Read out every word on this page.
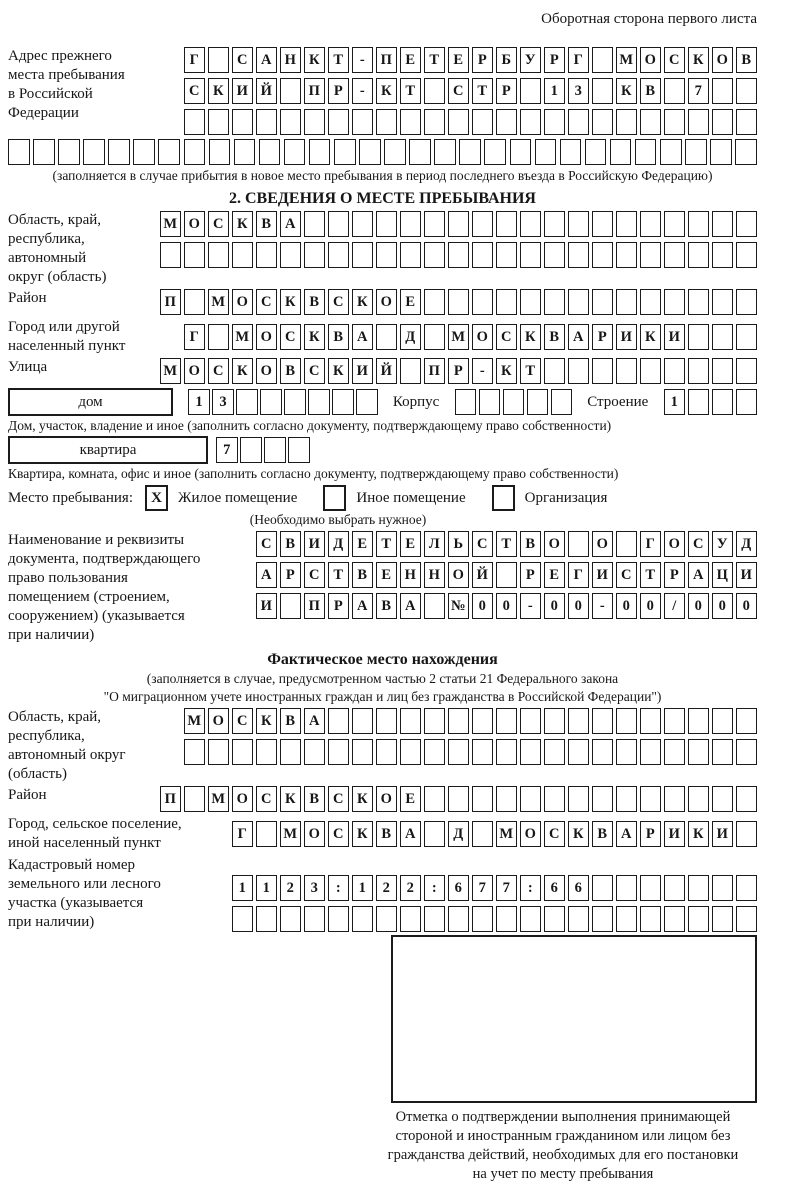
Оборотная сторона первого листа
Адрес прежнего
места пребывания
в Российской
Федерации
Г	С А Н К Т	-	П Е Т Е	Р	Б У Р	Г	М О С К О В
С К И Й	П Р	-	К Т	С Т	Р	1	3	К В	7
(заполняется в случае прибытия в новое место пребывания в период последнего въезда в Российскую Федерацию)
2. СВЕДЕНИЯ О МЕСТЕ ПРЕБЫВАНИЯ
Область, край,
республика,
автономный
округ (область)
М О С К В А
Район	П	М О С К В С К О Е
Город или другой
населенный пункт
Г	М О С К В А	Д	М О С К В А Р И К И
Улица	М О С К О В С К И Й	П Р	-	К Т
дом	1	3	Корпус	Строение	1
Дом, участок, владение и иное (заполнить согласно документу, подтверждающему право собственности)
квартира	7
Квартира, комната, офис и иное (заполнить согласно документу, подтверждающему право собственности)
Место пребывания:	X	Жилое помещение	Иное помещение	Организация
(Необходимо выбрать нужное)
Наименование и реквизиты
документа, подтверждающего
право пользования
помещением (строением,
сооружением) (указывается
при наличии)
С В И Д Е Т Е Л Ь С Т В О	О	Г О С У Д
А Р С Т В Е Н Н О Й	Р	Е	Г И С Т	Р А Ц И
И	П Р А В А	№ 0	0	-	0	0	-	0	0	/	0	0	0
Фактическое место нахождения
(заполняется в случае, предусмотренном частью 2 статьи 21 Федерального закона
"О миграционном учете иностранных граждан и лиц без гражданства в Российской Федерации")
Область, край,
республика,
автономный округ
(область)
М О С К В А
Район	П	М О С К В С К О Е
Город, сельское поселение,
иной населенный пункт
Г	М О С К В А	Д	М О С К В А Р И К И
Кадастровый номер
земельного или лесного
участка (указывается
при наличии)
1	1	2	3	:	1	2	2	:	6	7	7	:	6	6
Отметка о подтверждении выполнения принимающей
стороной и иностранным гражданином или лицом без
гражданства действий, необходимых для его постановки
на учет по месту пребывания
